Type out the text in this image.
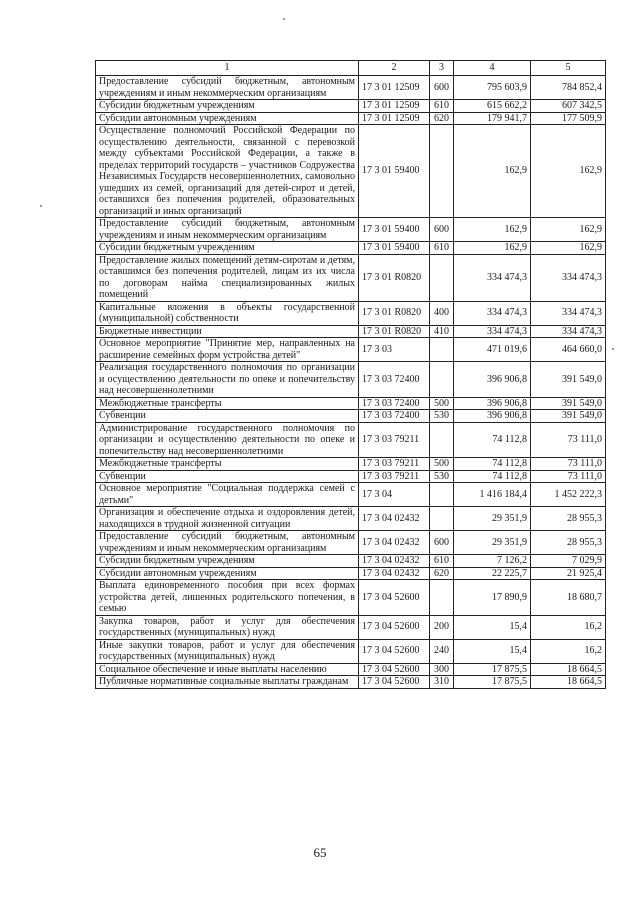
1	2	3	4	5
Предоставление субсидий бюджетным, автономным учреждениям и иным некоммерческим организациям	17 3 01 12509	600	795 603,9	784 852,4
Субсидии бюджетным учреждениям	17 3 01 12509	610	615 662,2	607 342,5
Субсидии автономным учреждениям	17 3 01 12509	620	179 941,7	177 509,9
Осуществление полномочий Российской Федерации по осуществлению деятельности, связанной с перевозкой между субъектами Российской Федерации, а также в пределах территорий государств – участников Содружества Независимых Государств несовершеннолетних, самовольно ушедших из семей, организаций для детей-сирот и детей, оставшихся без попечения родителей, образовательных организаций и иных организаций	17 3 01 59400		162,9	162,9
Предоставление субсидий бюджетным, автономным учреждениям и иным некоммерческим организациям	17 3 01 59400	600	162,9	162,9
Субсидии бюджетным учреждениям	17 3 01 59400	610	162,9	162,9
Предоставление жилых помещений детям-сиротам и детям, оставшимся без попечения родителей, лицам из их числа по договорам найма специализированных жилых помещений	17 3 01 R0820		334 474,3	334 474,3
Капитальные вложения в объекты государственной (муниципальной) собственности	17 3 01 R0820	400	334 474,3	334 474,3
Бюджетные инвестиции	17 3 01 R0820	410	334 474,3	334 474,3
Основное мероприятие "Принятие мер, направленных на расширение семейных форм устройства детей"	17 3 03		471 019,6	464 660,0
Реализация государственного полномочия по организации и осуществлению деятельности по опеке и попечительству над несовершеннолетними	17 3 03 72400		396 906,8	391 549,0
Межбюджетные трансферты	17 3 03 72400	500	396 906,8	391 549,0
Субвенции	17 3 03 72400	530	396 906,8	391 549,0
Администрирование государственного полномочия по организации и осуществлению деятельности по опеке и попечительству над несовершеннолетними	17 3 03 79211		74 112,8	73 111,0
Межбюджетные трансферты	17 3 03 79211	500	74 112,8	73 111,0
Субвенции	17 3 03 79211	530	74 112,8	73 111,0
Основное мероприятие "Социальная поддержка семей с детьми"	17 3 04		1 416 184,4	1 452 222,3
Организация и обеспечение отдыха и оздоровления детей, находящихся в трудной жизненной ситуации	17 3 04 02432		29 351,9	28 955,3
Предоставление субсидий бюджетным, автономным учреждениям и иным некоммерческим организациям	17 3 04 02432	600	29 351,9	28 955,3
Субсидии бюджетным учреждениям	17 3 04 02432	610	7 126,2	7 029,9
Субсидии автономным учреждениям	17 3 04 02432	620	22 225,7	21 925,4
Выплата единовременного пособия при всех формах устройства детей, лишенных родительского попечения, в семью	17 3 04 52600		17 890,9	18 680,7
Закупка товаров, работ и услуг для обеспечения государственных (муниципальных) нужд	17 3 04 52600	200	15,4	16,2
Иные закупки товаров, работ и услуг для обеспечения государственных (муниципальных) нужд	17 3 04 52600	240	15,4	16,2
Социальное обеспечение и иные выплаты населению	17 3 04 52600	300	17 875,5	18 664,5
Публичные нормативные социальные выплаты гражданам	17 3 04 52600	310	17 875,5	18 664,5
65
